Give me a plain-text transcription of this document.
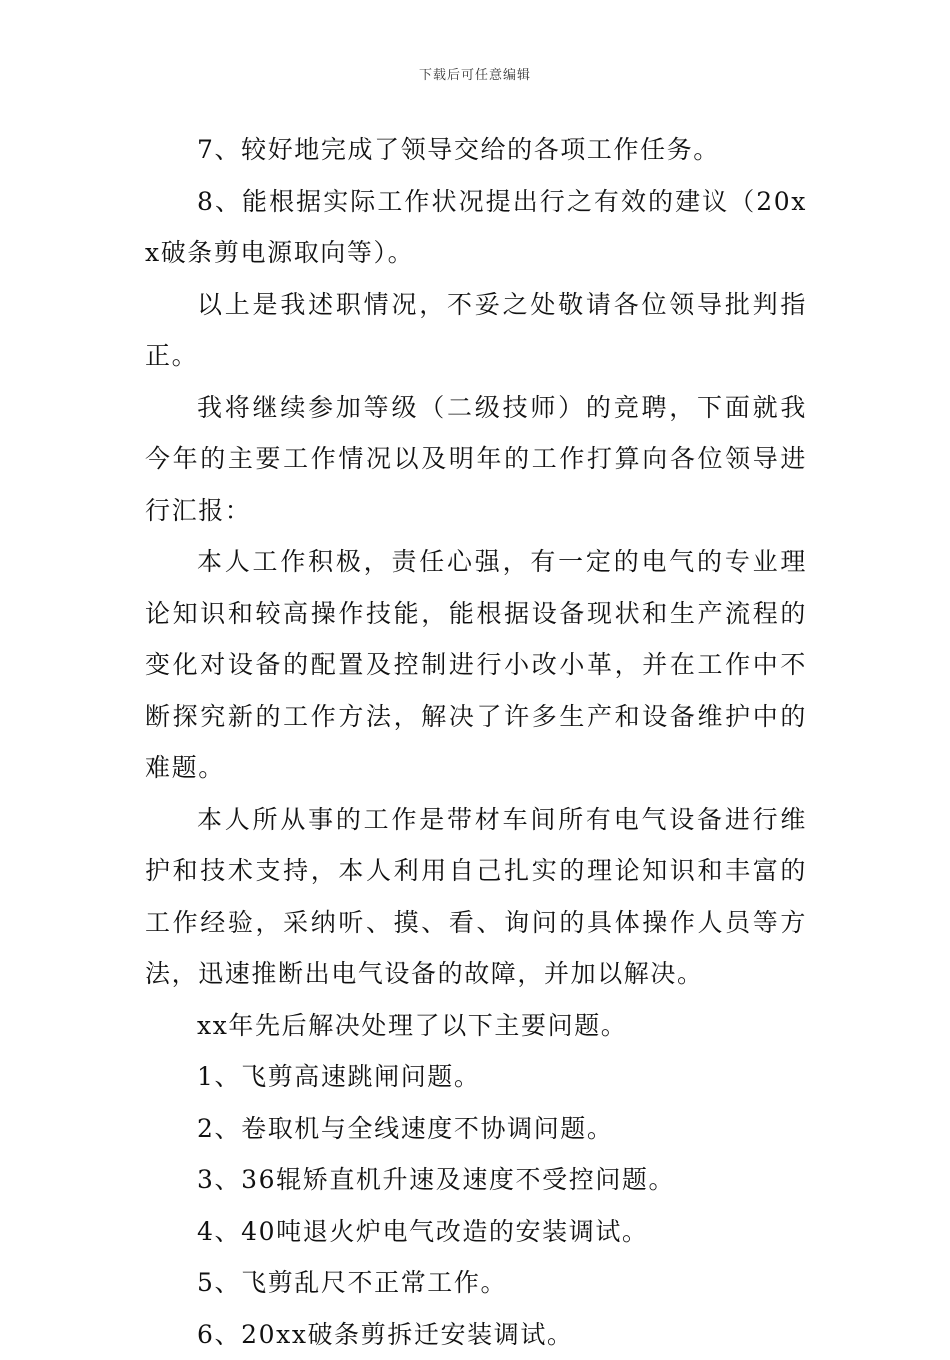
下载后可任意编辑

7、较好地完成了领导交给的各项工作任务。

8、能根据实际工作状况提出行之有效的建议（20xx破条剪电源取向等）。

以上是我述职情况，不妥之处敬请各位领导批判指正。

我将继续参加等级（二级技师）的竞聘，下面就我今年的主要工作情况以及明年的工作打算向各位领导进行汇报：

本人工作积极，责任心强，有一定的电气的专业理论知识和较高操作技能，能根据设备现状和生产流程的变化对设备的配置及控制进行小改小革，并在工作中不断探究新的工作方法，解决了许多生产和设备维护中的难题。

本人所从事的工作是带材车间所有电气设备进行维护和技术支持，本人利用自己扎实的理论知识和丰富的工作经验，采纳听、摸、看、询问的具体操作人员等方法，迅速推断出电气设备的故障，并加以解决。

xx年先后解决处理了以下主要问题。

1、飞剪高速跳闸问题。

2、卷取机与全线速度不协调问题。

3、36辊矫直机升速及速度不受控问题。

4、40吨退火炉电气改造的安装调试。

5、飞剪乱尺不正常工作。

6、20xx破条剪拆迁安装调试。
